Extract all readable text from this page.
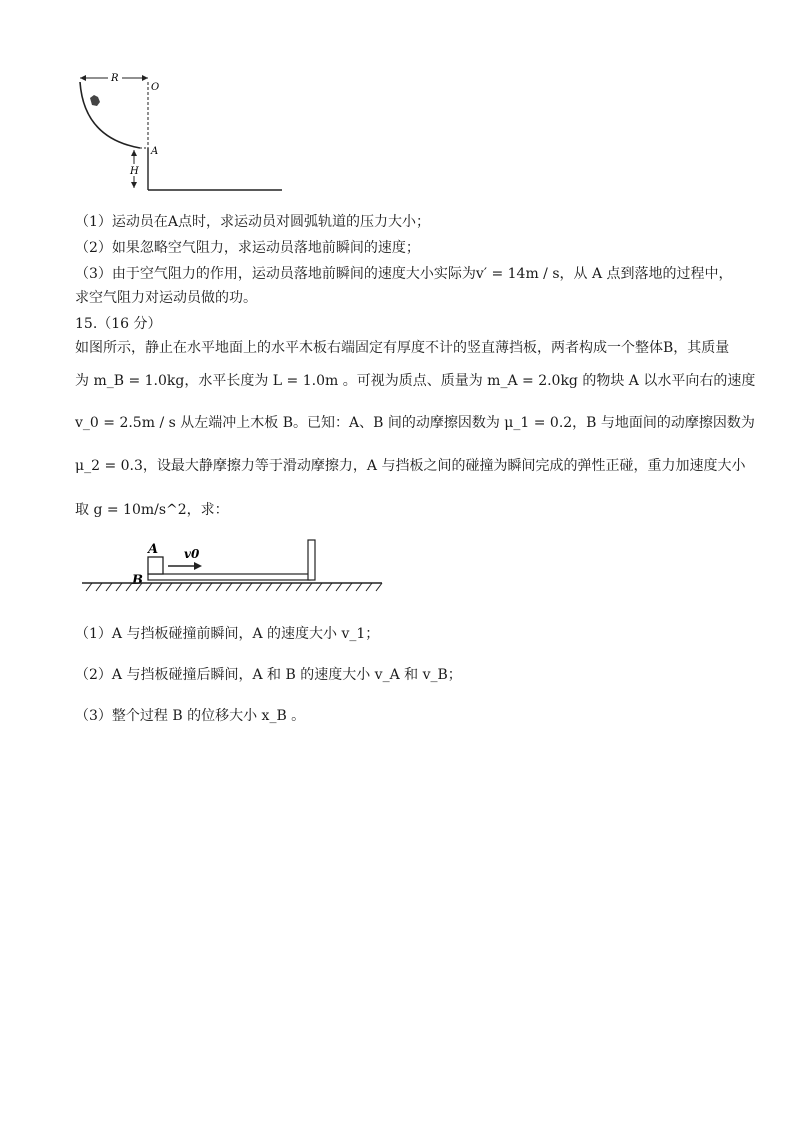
R
O
A
H
（1）运动员在A点时，求运动员对圆弧轨道的压力大小；
（2）如果忽略空气阻力，求运动员落地前瞬间的速度；
（3）由于空气阻力的作用，运动员落地前瞬间的速度大小实际为v′ = 14m / s，从 A 点到落地的过程中，
求空气阻力对运动员做的功。
15.（16 分）
如图所示，静止在水平地面上的水平木板右端固定有厚度不计的竖直薄挡板，两者构成一个整体B，其质量
为 m_B = 1.0kg，水平长度为 L = 1.0m 。可视为质点、质量为 m_A = 2.0kg 的物块 A 以水平向右的速度
v_0 = 2.5m / s 从左端冲上木板 B。已知：A、B 间的动摩擦因数为 μ_1 = 0.2，B 与地面间的动摩擦因数为
μ_2 = 0.3，设最大静摩擦力等于滑动摩擦力，A 与挡板之间的碰撞为瞬间完成的弹性正碰，重力加速度大小
取 g = 10m/s^2，求：
A
B
v0
（1）A 与挡板碰撞前瞬间，A 的速度大小 v_1；
（2）A 与挡板碰撞后瞬间，A 和 B 的速度大小 v_A 和 v_B；
（3）整个过程 B 的位移大小 x_B 。
